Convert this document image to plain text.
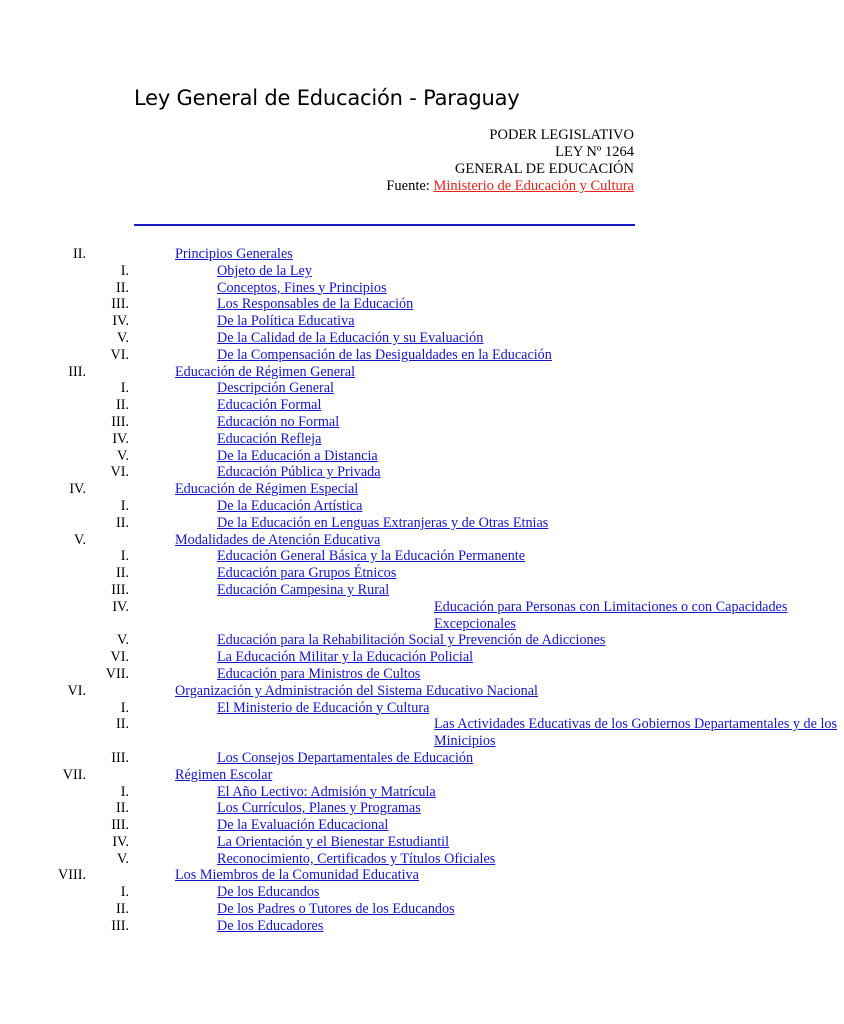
Ley General de Educación - Paraguay
PODER LEGISLATIVO
LEY Nº 1264
GENERAL DE EDUCACIÓN
Fuente: Ministerio de Educación y Cultura
II.	Principios Generales
I.	Objeto de la Ley
II.	Conceptos, Fines y Principios
III.	Los Responsables de la Educación
IV.	De la Política Educativa
V.	De la Calidad de la Educación y su Evaluación
VI.	De la Compensación de las Desigualdades en la Educación
III.	Educación de Régimen General
I.	Descripción General
II.	Educación Formal
III.	Educación no Formal
IV.	Educación Refleja
V.	De la Educación a Distancia
VI.	Educación Pública y Privada
IV.	Educación de Régimen Especial
I.	De la Educación Artística
II.	De la Educación en Lenguas Extranjeras y de Otras Etnias
V.	Modalidades de Atención Educativa
I.	Educación General Básica y la Educación Permanente
II.	Educación para Grupos Étnicos
III.	Educación Campesina y Rural
IV.	Educación para Personas con Limitaciones o con Capacidades Excepcionales
V.	Educación para la Rehabilitación Social y Prevención de Adicciones
VI.	La Educación Militar y la Educación Policial
VII.	Educación para Ministros de Cultos
VI.	Organización y Administración del Sistema Educativo Nacional
I.	El Ministerio de Educación y Cultura
II.	Las Actividades Educativas de los Gobiernos Departamentales y de los Minicipios
III.	Los Consejos Departamentales de Educación
VII.	Régimen Escolar
I.	El Año Lectivo: Admisión y Matrícula
II.	Los Currículos, Planes y Programas
III.	De la Evaluación Educacional
IV.	La Orientación y el Bienestar Estudiantil
V.	Reconocimiento, Certificados y Títulos Oficiales
VIII.	Los Miembros de la Comunidad Educativa
I.	De los Educandos
II.	De los Padres o Tutores de los Educandos
III.	De los Educadores
